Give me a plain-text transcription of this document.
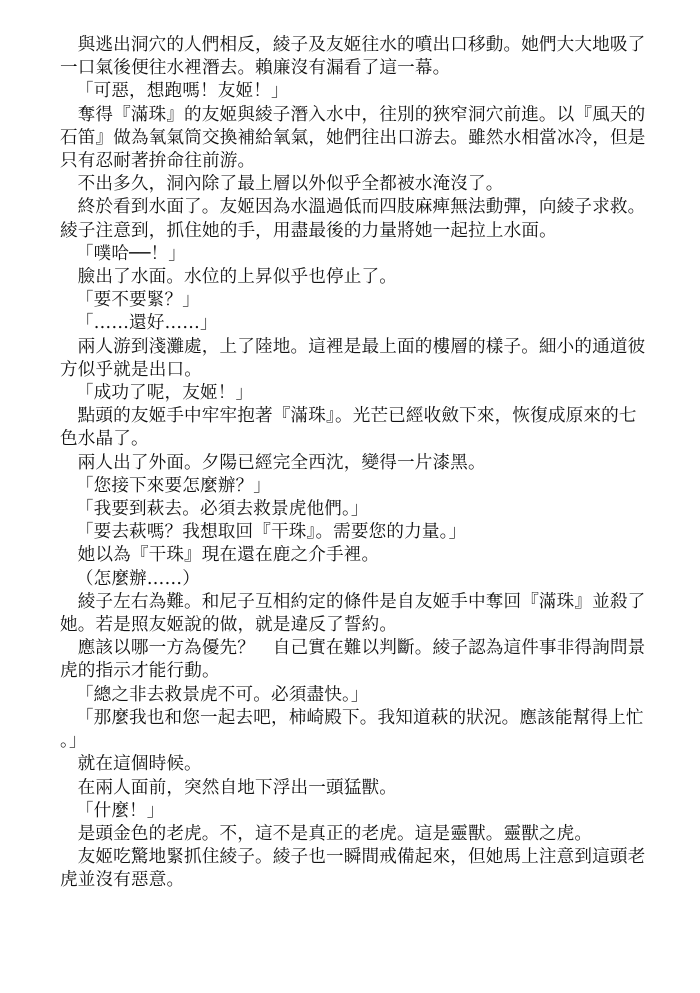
與逃出洞穴的人們相反，綾子及友姬往水的噴出口移動。她們大大地吸了一口氣後便往水裡潛去。賴廉沒有漏看了這一幕。

「可惡，想跑嗎！友姬！」

奪得『滿珠』的友姬與綾子潛入水中，往別的狹窄洞穴前進。以『風天的石笛』做為氧氣筒交換補給氧氣，她們往出口游去。雖然水相當冰冷，但是只有忍耐著拚命往前游。

不出多久，洞內除了最上層以外似乎全都被水淹沒了。

終於看到水面了。友姬因為水溫過低而四肢麻痺無法動彈，向綾子求救。綾子注意到，抓住她的手，用盡最後的力量將她一起拉上水面。

「噗哈──！」

臉出了水面。水位的上昇似乎也停止了。

「要不要緊？」

「……還好……」

兩人游到淺灘處，上了陸地。這裡是最上面的樓層的樣子。細小的通道彼方似乎就是出口。

「成功了呢，友姬！」

點頭的友姬手中牢牢抱著『滿珠』。光芒已經收斂下來，恢復成原來的七色水晶了。

兩人出了外面。夕陽已經完全西沈，變得一片漆黑。

「您接下來要怎麼辦？」

「我要到萩去。必須去救景虎他們。」

「要去萩嗎？我想取回『干珠』。需要您的力量。」

她以為『干珠』現在還在鹿之介手裡。

（怎麼辦……）

綾子左右為難。和尼子互相約定的條件是自友姬手中奪回『滿珠』並殺了她。若是照友姬說的做，就是違反了誓約。

應該以哪一方為優先？　自己實在難以判斷。綾子認為這件事非得詢問景虎的指示才能行動。

「總之非去救景虎不可。必須盡快。」

「那麼我也和您一起去吧，柿崎殿下。我知道萩的狀況。應該能幫得上忙。」

就在這個時候。

在兩人面前，突然自地下浮出一頭猛獸。

「什麼！」

是頭金色的老虎。不，這不是真正的老虎。這是靈獸。靈獸之虎。

友姬吃驚地緊抓住綾子。綾子也一瞬間戒備起來，但她馬上注意到這頭老虎並沒有惡意。
